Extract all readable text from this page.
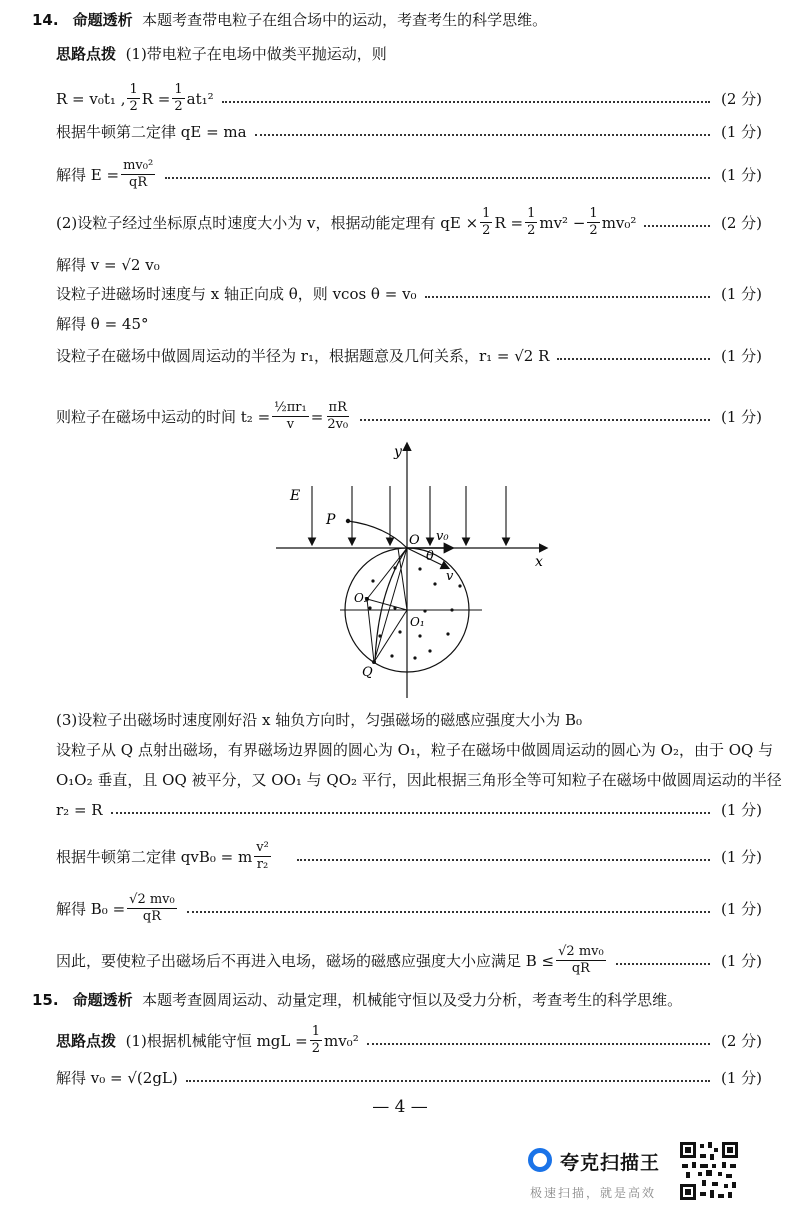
14. 命题透析 本题考查带电粒子在组合场中的运动，考查考生的科学思维。
思路点拨 (1)带电粒子在电场中做类平抛运动，则
R = v₀t₁ , $\frac{1}{2}$ $R = \frac{1}{2} at_1^2$	(2 分)
根据牛顿第二定律 qE = ma	(1 分)
解得 $E = \frac{\text{mv₀²}}{qR}$	(1 分)
(2)设粒子经过坐标原点时速度大小为 v，根据动能定理有 qE × $\frac{1}{2}$ $R = \frac{1}{2} mv^2 - \frac{1}{2} mv_0^2$	(2 分)
解得 v = √2 v₀
设粒子进磁场时速度与 x 轴正向成 θ，则 vcos θ = v₀	(1 分)
解得 θ = 45°
设粒子在磁场中做圆周运动的半径为 r₁，根据题意及几何关系，r₁ = √2 R	(1 分)
则粒子在磁场中运动的时间 $t_2 = \frac{\text{½πr₁}}{v} = \frac{\pi R}{\text{2v₀}}$	(1 分)
y
x
E
P
O v₀
θ
v
O₁
O₂
Q
(3)设粒子出磁场时速度刚好沿 x 轴负方向时，匀强磁场的磁感应强度大小为 B₀
设粒子从 Q 点射出磁场，有界磁场边界圆的圆心为 O₁，粒子在磁场中做圆周运动的圆心为 O₂，由于 OQ 与
O₁O₂ 垂直，且 OQ 被平分，又 OO₁ 与 QO₂ 平行，因此根据三角形全等可知粒子在磁场中做圆周运动的半径
r₂ = R	(1 分)
根据牛顿第二定律 qvB₀ = m $\frac{\text{v²}}{\text{r₂}}$	(1 分)
解得 $B_0 = \frac{\text{√2 mv₀}}{qR}$	(1 分)
因此，要使粒子出磁场后不再进入电场，磁场的磁感应强度大小应满足 $B \le \frac{\text{√2 mv₀}}{qR}$	(1 分)
15. 命题透析 本题考查圆周运动、动量定理，机械能守恒以及受力分析，考查考生的科学思维。
思路点拨
(1)根据机械能守恒 mgL = $\frac{1}{2} mv_0^2$	(2 分)
解得 v₀ = √(2gL)	(1 分)
— 4 —
夸克扫描王
极速扫描，就是高效
